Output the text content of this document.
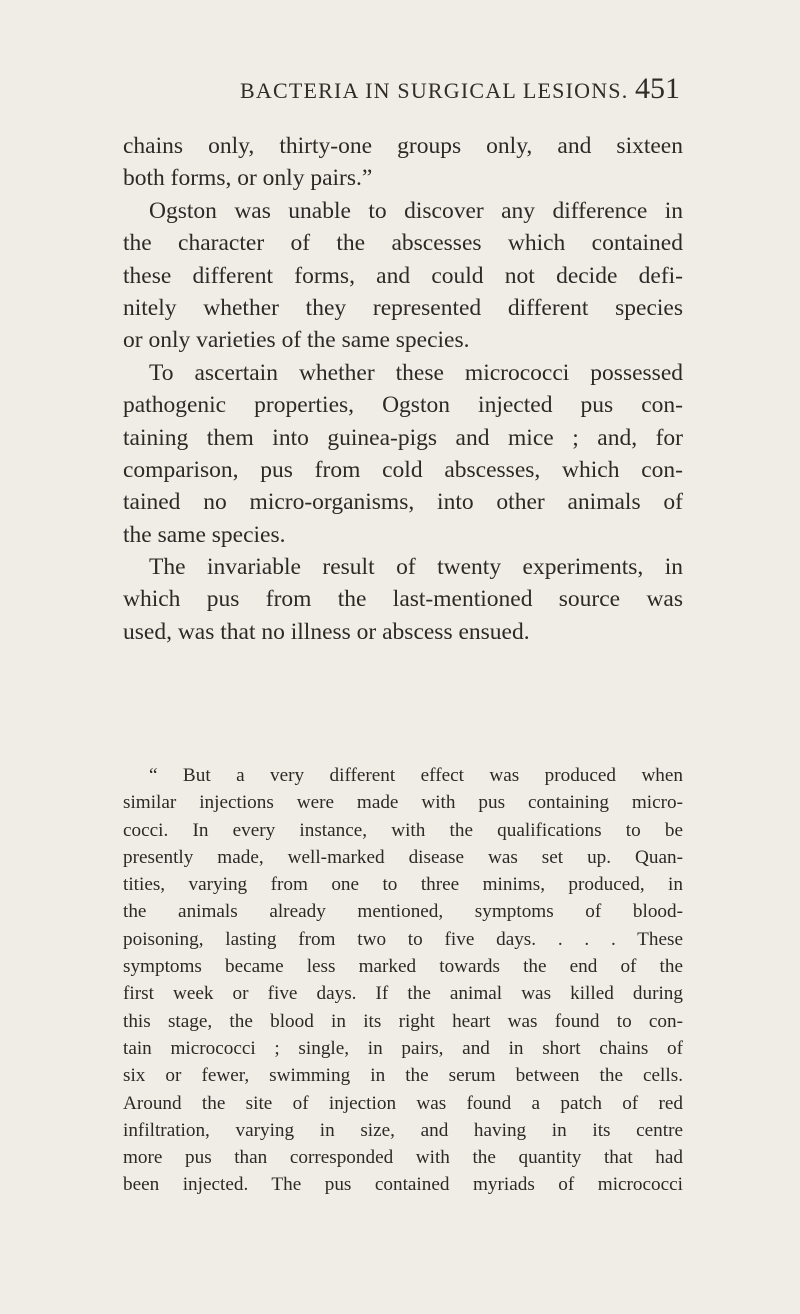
BACTERIA IN SURGICAL LESIONS. 451
chains only, thirty-one groups only, and sixteen
both forms, or only pairs.”
Ogston was unable to discover any difference in
the character of the abscesses which contained
these different forms, and could not decide defi-
nitely whether they represented different species
or only varieties of the same species.
To ascertain whether these micrococci possessed
pathogenic properties, Ogston injected pus con-
taining them into guinea-pigs and mice ; and, for
comparison, pus from cold abscesses, which con-
tained no micro-organisms, into other animals of
the same species.
The invariable result of twenty experiments, in
which pus from the last-mentioned source was
used, was that no illness or abscess ensued.
“ But a very different effect was produced when
similar injections were made with pus containing micro-
cocci. In every instance, with the qualifications to be
presently made, well-marked disease was set up. Quan-
tities, varying from one to three minims, produced, in
the animals already mentioned, symptoms of blood-
poisoning, lasting from two to five days. . . . These
symptoms became less marked towards the end of the
first week or five days. If the animal was killed during
this stage, the blood in its right heart was found to con-
tain micrococci ; single, in pairs, and in short chains of
six or fewer, swimming in the serum between the cells.
Around the site of injection was found a patch of red
infiltration, varying in size, and having in its centre
more pus than corresponded with the quantity that had
been injected. The pus contained myriads of micrococci
